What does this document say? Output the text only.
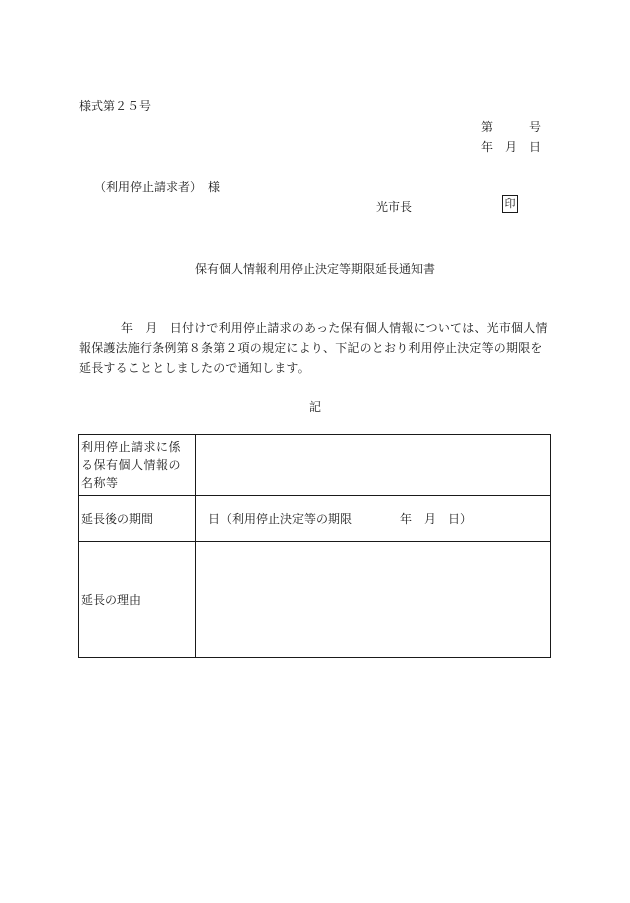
様式第２５号
第　　　号
年　月　日
（利用停止請求者）　様
光市長	印
保有個人情報利用停止決定等期限延長通知書
年　月　日付けで利用停止請求のあった保有個人情報については、光市個人情報保護法施行条例第８条第２項の規定により、下記のとおり利用停止決定等の期限を延長することとしましたので通知します。
記
利用停止請求に係る保有個人情報の名称等	
延長後の期間	日（利用停止決定等の期限 年　月　日）
延長の理由	
